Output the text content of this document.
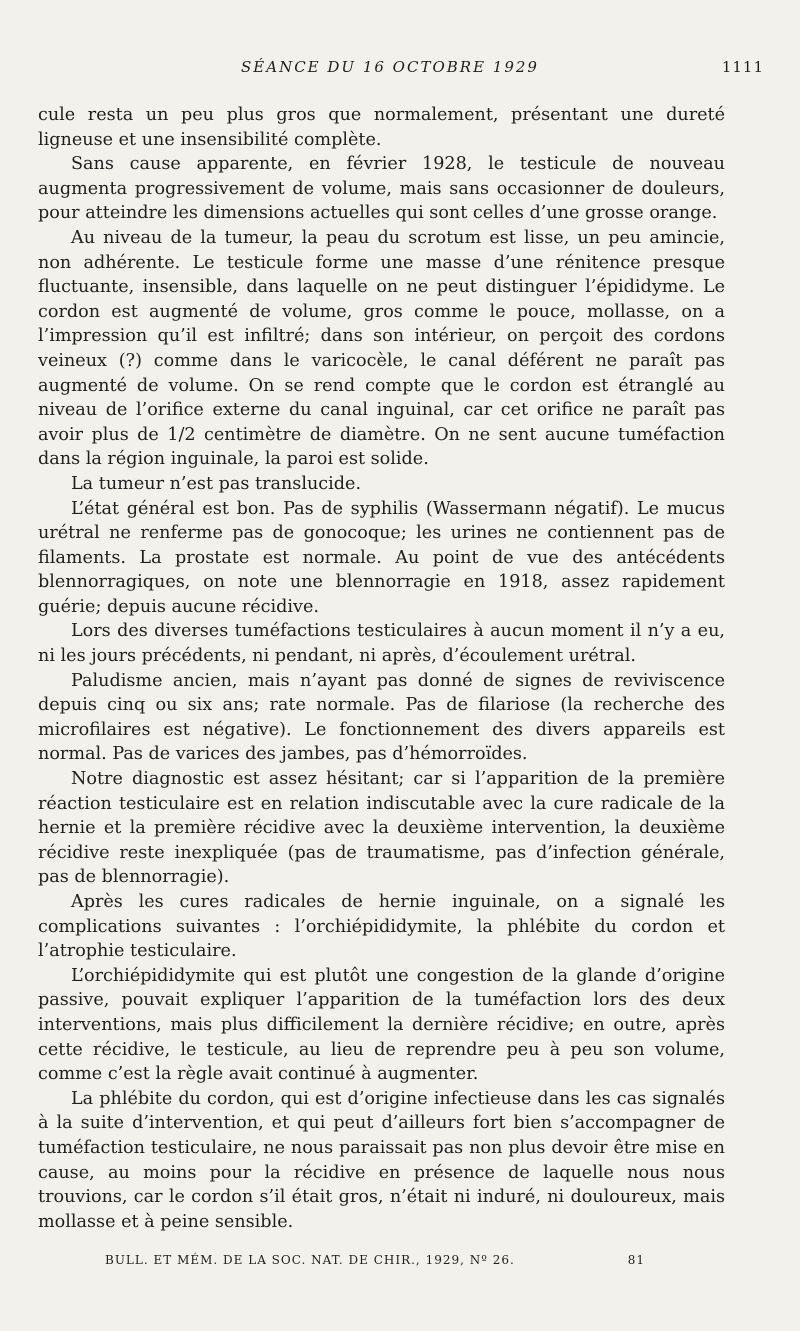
SÉANCE DU 16 OCTOBRE 1929	1111

cule resta un peu plus gros que normalement, présentant une dureté ligneuse et une insensibilité complète.

Sans cause apparente, en février 1928, le testicule de nouveau augmenta progressivement de volume, mais sans occasionner de douleurs, pour atteindre les dimensions actuelles qui sont celles d’une grosse orange.

Au niveau de la tumeur, la peau du scrotum est lisse, un peu amincie, non adhérente. Le testicule forme une masse d’une rénitence presque fluctuante, insensible, dans laquelle on ne peut distinguer l’épididyme. Le cordon est augmenté de volume, gros comme le pouce, mollasse, on a l’impression qu’il est infiltré; dans son intérieur, on perçoit des cordons veineux (?) comme dans le varicocèle, le canal déférent ne paraît pas augmenté de volume. On se rend compte que le cordon est étranglé au niveau de l’orifice externe du canal inguinal, car cet orifice ne paraît pas avoir plus de 1/2 centimètre de diamètre. On ne sent aucune tuméfaction dans la région inguinale, la paroi est solide.

La tumeur n’est pas translucide.

L’état général est bon. Pas de syphilis (Wassermann négatif). Le mucus urétral ne renferme pas de gonocoque; les urines ne contiennent pas de filaments. La prostate est normale. Au point de vue des antécédents blennorragiques, on note une blennorragie en 1918, assez rapidement guérie; depuis aucune récidive.

Lors des diverses tuméfactions testiculaires à aucun moment il n’y a eu, ni les jours précédents, ni pendant, ni après, d’écoulement urétral.

Paludisme ancien, mais n’ayant pas donné de signes de reviviscence depuis cinq ou six ans; rate normale. Pas de filariose (la recherche des microfilaires est négative). Le fonctionnement des divers appareils est normal. Pas de varices des jambes, pas d’hémorroïdes.

Notre diagnostic est assez hésitant; car si l’apparition de la première réaction testiculaire est en relation indiscutable avec la cure radicale de la hernie et la première récidive avec la deuxième intervention, la deuxième récidive reste inexpliquée (pas de traumatisme, pas d’infection générale, pas de blennorragie).

Après les cures radicales de hernie inguinale, on a signalé les complications suivantes : l’orchiépididymite, la phlébite du cordon et l’atrophie testiculaire.

L’orchiépididymite qui est plutôt une congestion de la glande d’origine passive, pouvait expliquer l’apparition de la tuméfaction lors des deux interventions, mais plus difficilement la dernière récidive; en outre, après cette récidive, le testicule, au lieu de reprendre peu à peu son volume, comme c’est la règle avait continué à augmenter.

La phlébite du cordon, qui est d’origine infectieuse dans les cas signalés à la suite d’intervention, et qui peut d’ailleurs fort bien s’accompagner de tuméfaction testiculaire, ne nous paraissait pas non plus devoir être mise en cause, au moins pour la récidive en présence de laquelle nous nous trouvions, car le cordon s’il était gros, n’était ni induré, ni douloureux, mais mollasse et à peine sensible.

BULL. ET MÉM. DE LA SOC. NAT. DE CHIR., 1929, Nº 26.	81
